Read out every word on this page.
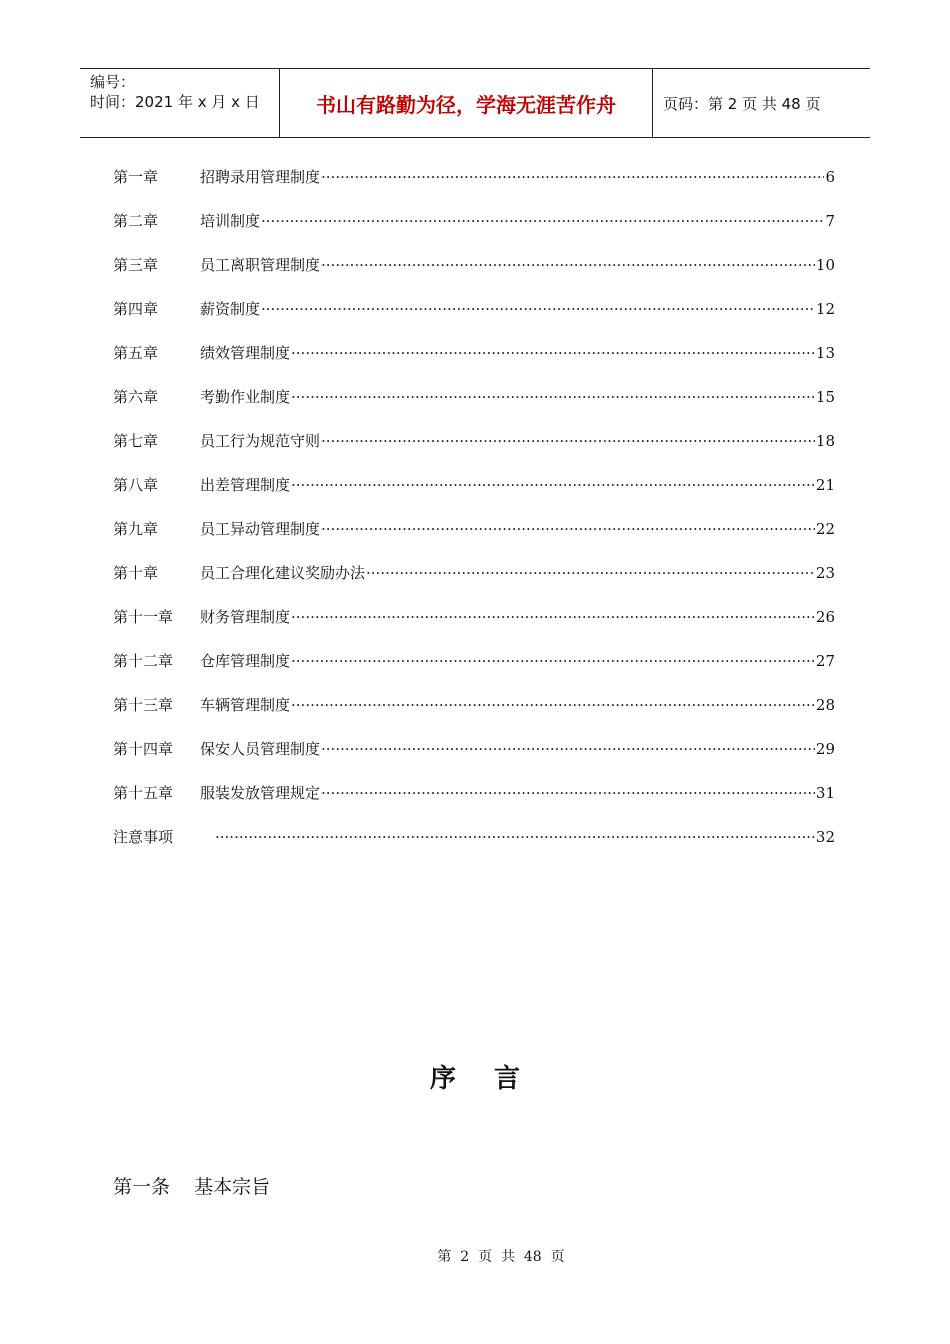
编号：
时间：2021 年 x 月 x 日	书山有路勤为径，学海无涯苦作舟	页码：第 2 页 共 48 页
第一章	招聘录用管理制度 ·····	6
第二章	培训制度 ·····	7
第三章	员工离职管理制度 ·····	10
第四章	薪资制度 ·····	12
第五章	绩效管理制度 ·····	13
第六章	考勤作业制度 ·····	15
第七章	员工行为规范守则 ·····	18
第八章	出差管理制度 ·····	21
第九章	员工异动管理制度 ·····	22
第十章	员工合理化建议奖励办法 ·····	23
第十一章	财务管理制度 ·····	26
第十二章	仓库管理制度 ·····	27
第十三章	车辆管理制度 ·····	28
第十四章	保安人员管理制度 ·····	29
第十五章	服装发放管理规定 ·····	31
注意事项 ·····	32
序言
第一条    基本宗旨
第  2  页  共  48  页
